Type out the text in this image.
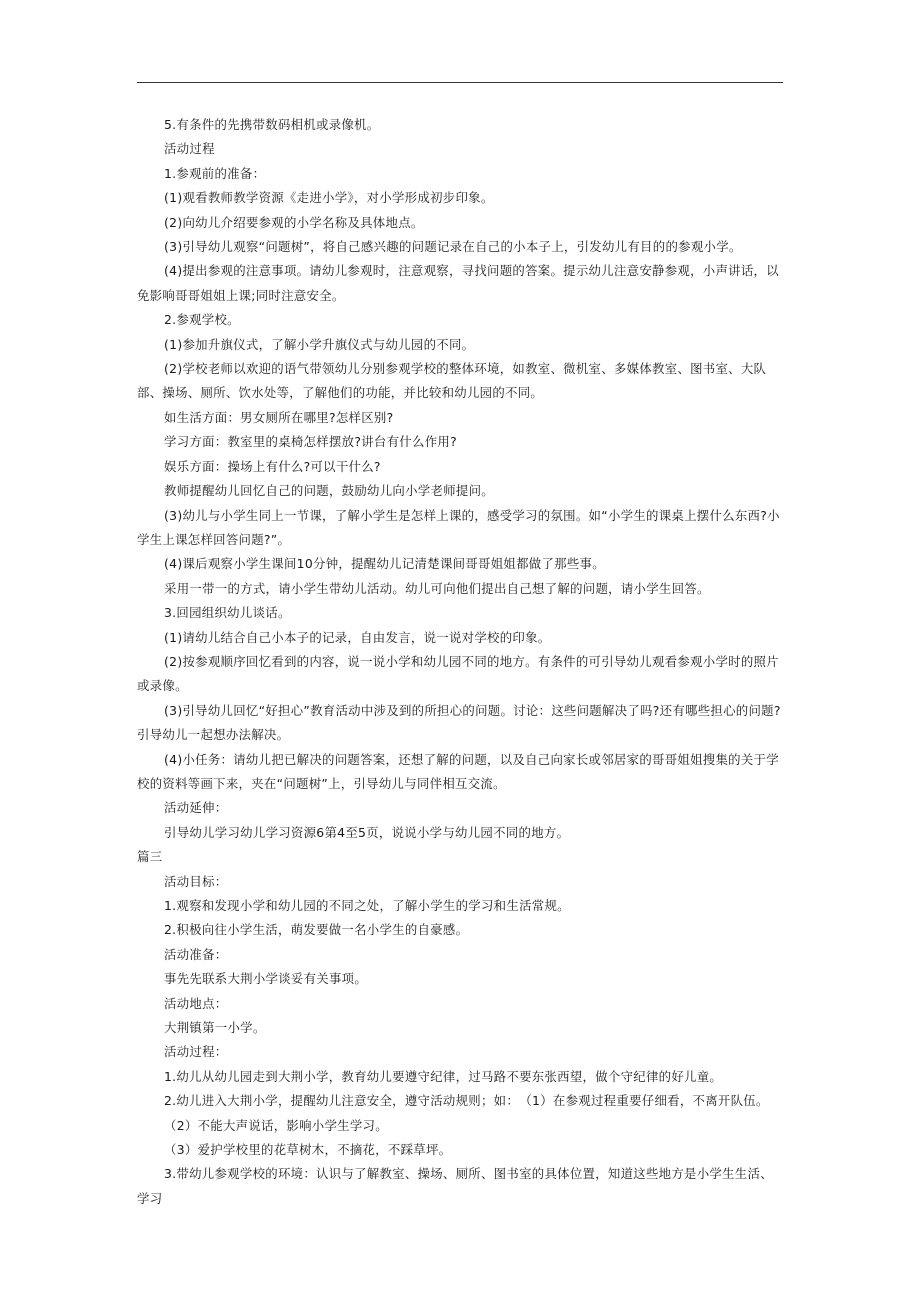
5.有条件的先携带数码相机或录像机。

活动过程

1.参观前的准备：

(1)观看教师教学资源《走进小学》，对小学形成初步印象。

(2)向幼儿介绍要参观的小学名称及具体地点。

(3)引导幼儿观察“问题树”，将自己感兴趣的问题记录在自己的小本子上，引发幼儿有目的的参观小学。

(4)提出参观的注意事项。请幼儿参观时，注意观察，寻找问题的答案。提示幼儿注意安静参观，小声讲话，以免影响哥哥姐姐上课;同时注意安全。

2.参观学校。

(1)参加升旗仪式，了解小学升旗仪式与幼儿园的不同。

(2)学校老师以欢迎的语气带领幼儿分别参观学校的整体环境，如教室、微机室、多媒体教室、图书室、大队部、操场、厕所、饮水处等，了解他们的功能，并比较和幼儿园的不同。

如生活方面：男女厕所在哪里?怎样区别?

学习方面：教室里的桌椅怎样摆放?讲台有什么作用?

娱乐方面：操场上有什么?可以干什么?

教师提醒幼儿回忆自己的问题，鼓励幼儿向小学老师提问。

(3)幼儿与小学生同上一节课，了解小学生是怎样上课的，感受学习的氛围。如“小学生的课桌上摆什么东西?小学生上课怎样回答问题?”。

(4)课后观察小学生课间10分钟，提醒幼儿记清楚课间哥哥姐姐都做了那些事。

采用一带一的方式，请小学生带幼儿活动。幼儿可向他们提出自己想了解的问题，请小学生回答。

3.回园组织幼儿谈话。

(1)请幼儿结合自己小本子的记录，自由发言，说一说对学校的印象。

(2)按参观顺序回忆看到的内容，说一说小学和幼儿园不同的地方。有条件的可引导幼儿观看参观小学时的照片或录像。

(3)引导幼儿回忆“好担心”教育活动中涉及到的所担心的问题。讨论：这些问题解决了吗?还有哪些担心的问题?引导幼儿一起想办法解决。

(4)小任务：请幼儿把已解决的问题答案，还想了解的问题，以及自己向家长或邻居家的哥哥姐姐搜集的关于学校的资料等画下来，夹在“问题树”上，引导幼儿与同伴相互交流。

活动延伸：

引导幼儿学习幼儿学习资源6第4至5页，说说小学与幼儿园不同的地方。

篇三

活动目标：

1.观察和发现小学和幼儿园的不同之处，了解小学生的学习和生活常规。

2.积极向往小学生活，萌发要做一名小学生的自豪感。

活动准备：

事先先联系大荆小学谈妥有关事项。

活动地点：

大荆镇第一小学。

活动过程：

1.幼儿从幼儿园走到大荆小学，教育幼儿要遵守纪律，过马路不要东张西望，做个守纪律的好儿童。

2.幼儿进入大荆小学，提醒幼儿注意安全，遵守活动规则；如：　（1）在参观过程重要仔细看，不离开队伍。

（2）不能大声说话，影响小学生学习。

（3）爱护学校里的花草树木，不摘花，不踩草坪。

3.带幼儿参观学校的环境：认识与了解教室、操场、厕所、图书室的具体位置，知道这些地方是小学生生活、学习
